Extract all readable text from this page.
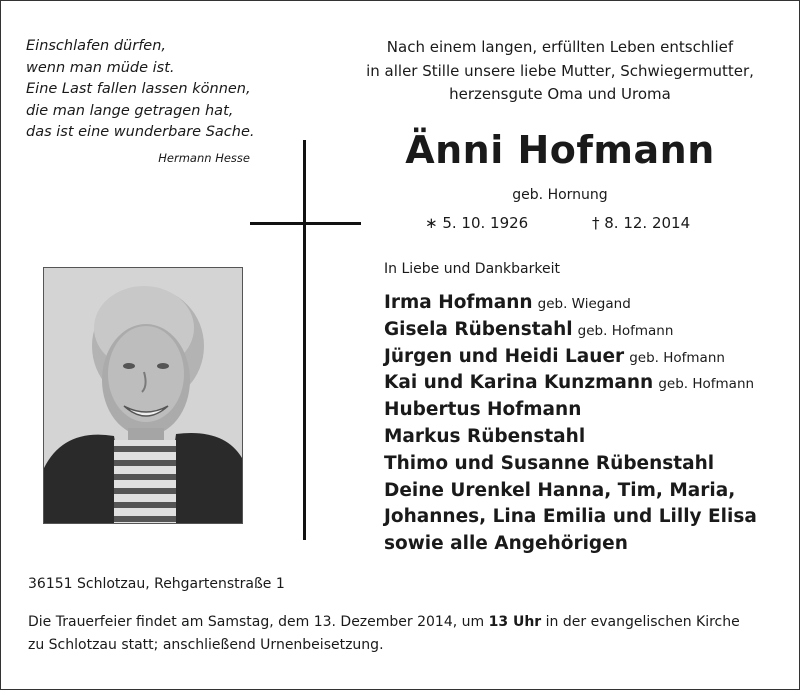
Einschlafen dürfen,
wenn man müde ist.
Eine Last fallen lassen können,
die man lange getragen hat,
das ist eine wunderbare Sache.
Hermann Hesse
Nach einem langen, erfüllten Leben entschlief
in aller Stille unsere liebe Mutter, Schwiegermutter,
herzensgute Oma und Uroma
Änni Hofmann
geb. Hornung
∗ 5. 10. 1926	† 8. 12. 2014
In Liebe und Dankbarkeit
Irma Hofmann geb. Wiegand
Gisela Rübenstahl geb. Hofmann
Jürgen und Heidi Lauer geb. Hofmann
Kai und Karina Kunzmann geb. Hofmann
Hubertus Hofmann
Markus Rübenstahl
Thimo und Susanne Rübenstahl
Deine Urenkel Hanna, Tim, Maria,
Johannes, Lina Emilia und Lilly Elisa
sowie alle Angehörigen
36151 Schlotzau, Rehgartenstraße 1
Die Trauerfeier findet am Samstag, dem 13. Dezember 2014, um 13 Uhr in der evangelischen Kirche
zu Schlotzau statt; anschließend Urnenbeisetzung.
